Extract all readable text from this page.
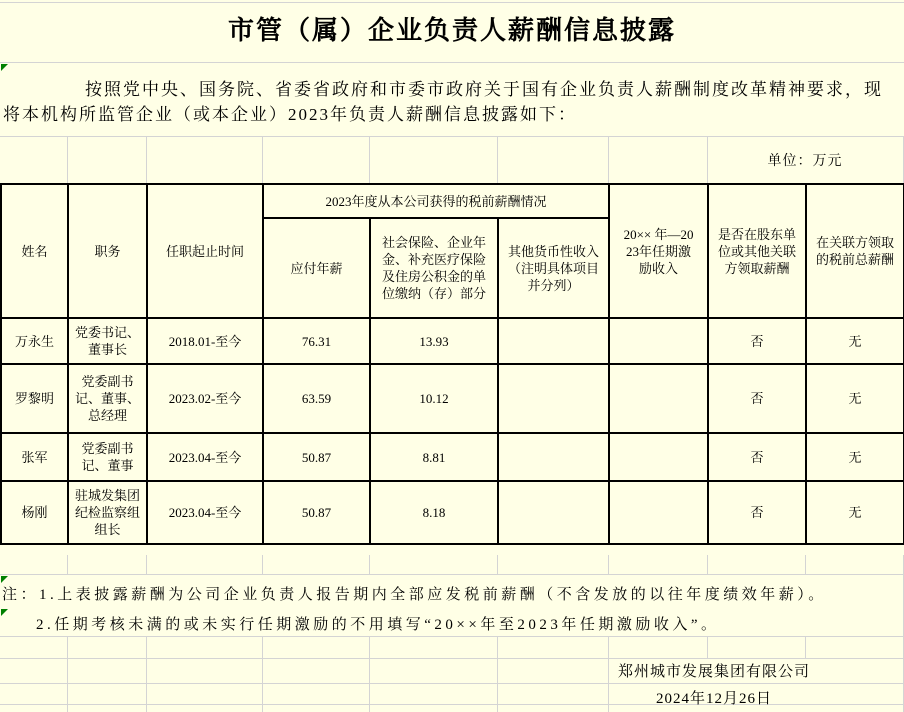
市管（属）企业负责人薪酬信息披露
按照党中央、国务院、省委省政府和市委市政府关于国有企业负责人薪酬制度改革精神要求，现
将本机构所监管企业（或本企业）2023年负责人薪酬信息披露如下：
单位：万元
姓名	职务	任职起止时间	2023年度从本公司获得的税前薪酬情况			20×× 年—2023年任期激励收入	是否在股东单位或其他关联方领取薪酬	在关联方领取的税前总薪酬
			应付年薪	社会保险、企业年金、补充医疗保险及住房公积金的单位缴纳（存）部分	其他货币性收入（注明具体项目并分列）			
万永生	党委书记、董事长	2018.01-至今	76.31	13.93			否	无
罗黎明	党委副书记、董事、总经理	2023.02-至今	63.59	10.12			否	无
张军	党委副书记、董事	2023.04-至今	50.87	8.81			否	无
杨刚	驻城发集团纪检监察组组长	2023.04-至今	50.87	8.18			否	无
注：1.上表披露薪酬为公司企业负责人报告期内全部应发税前薪酬（不含发放的以往年度绩效年薪）。
2.任期考核未满的或未实行任期激励的不用填写“20××年至2023年任期激励收入”。
郑州城市发展集团有限公司
2024年12月26日
